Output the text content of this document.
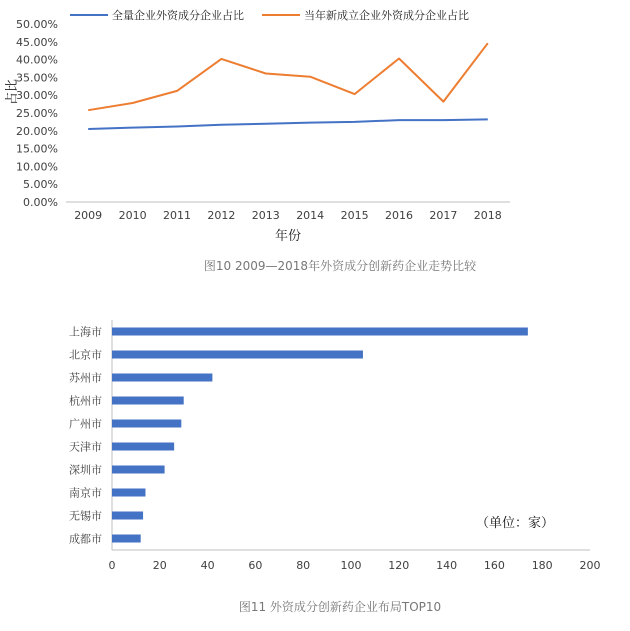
0.00%
5.00%
10.00%
15.00%
20.00%
25.00%
30.00%
35.00%
40.00%
45.00%
50.00%
2009 2010 2011 2012 2013 2014 2015 2016 2017 2018
占比
年份
全量企业外资成分企业占比	当年新成立企业外资成分企业占比
图10 2009—2018年外资成分创新药企业走势比较
0	20	40	60	80	100 120 140 160 180 200
上海市
北京市
苏州市
杭州市
广州市
天津市
深圳市
南京市
无锡市
成都市
（单位：家）
图11 外资成分创新药企业布局TOP10
